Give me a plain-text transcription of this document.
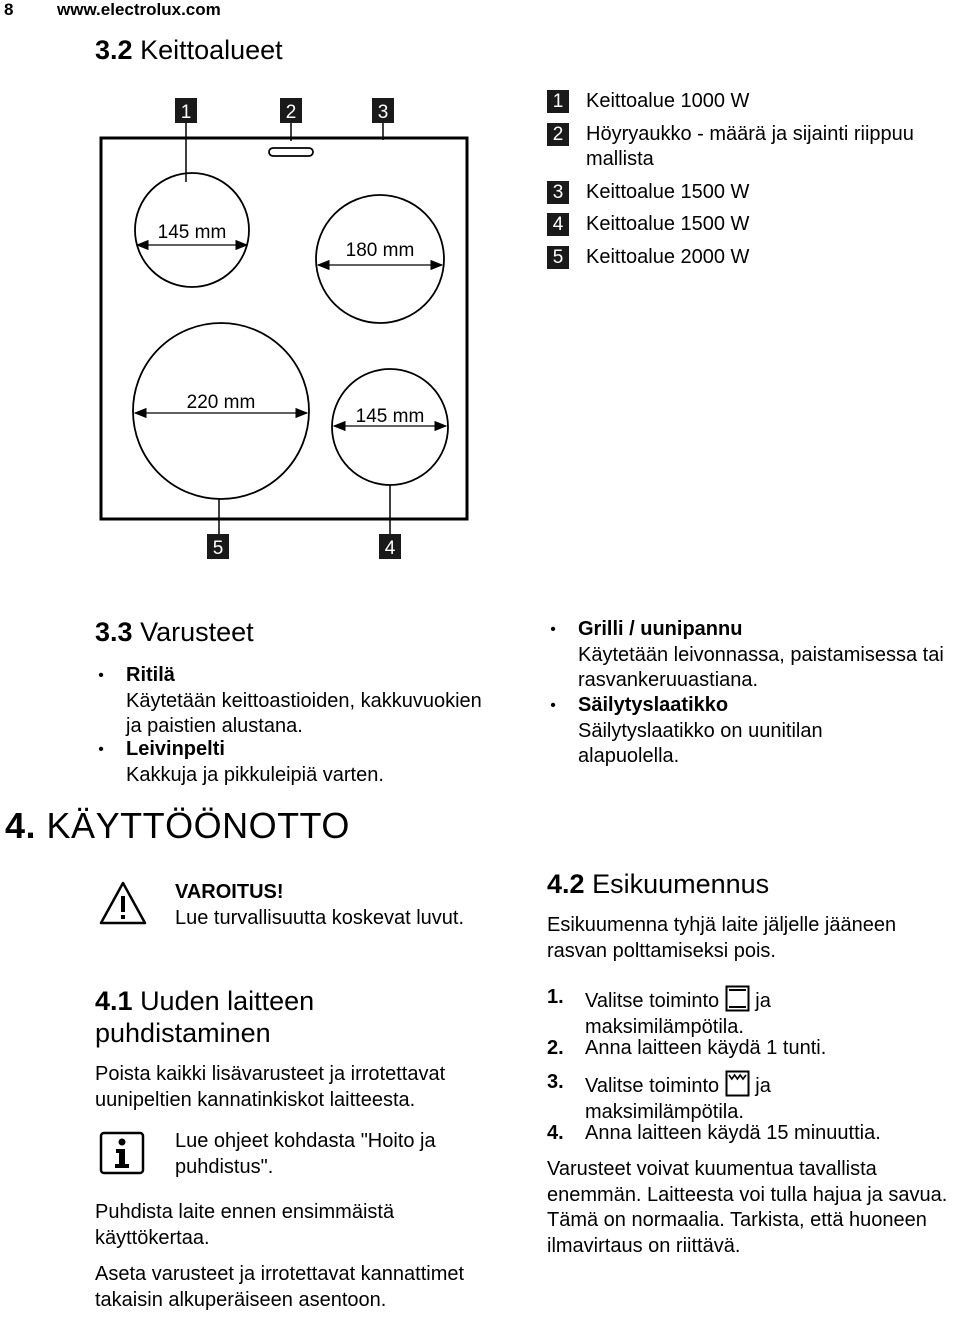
8	www.electrolux.com
3.2 Keittoalueet
1	2	3
145 mm
180 mm
220 mm
145 mm
5	4
1 Keittoalue 1000 W
2 Höyryaukko - määrä ja sijainti riippuu mallista
3 Keittoalue 1500 W
4 Keittoalue 1500 W
5 Keittoalue 2000 W
3.3 Varusteet
• Ritilä
Käytetään keittoastioiden, kakkuvuokien ja paistien alustana.
• Leivinpelti
Kakkuja ja pikkuleipiä varten.
• Grilli / uunipannu
Käytetään leivonnassa, paistamisessa tai rasvankeruuastiana.
• Säilytyslaatikko
Säilytyslaatikko on uunitilan alapuolella.
4. KÄYTTÖÖNOTTO
VAROITUS!
Lue turvallisuutta koskevat luvut.
4.1 Uuden laitteen
puhdistaminen
Poista kaikki lisävarusteet ja irrotettavat uunipeltien kannatinkiskot laitteesta.
Lue ohjeet kohdasta "Hoito ja puhdistus".
Puhdista laite ennen ensimmäistä käyttökertaa.
Aseta varusteet ja irrotettavat kannattimet takaisin alkuperäiseen asentoon.
4.2 Esikuumennus
Esikuumenna tyhjä laite jäljelle jääneen rasvan polttamiseksi pois.
1. Valitse toiminto ja
maksimilämpötila.
2. Anna laitteen käydä 1 tunti.
3. Valitse toiminto ja
maksimilämpötila.
4. Anna laitteen käydä 15 minuuttia.
Varusteet voivat kuumentua tavallista enemmän. Laitteesta voi tulla hajua ja savua. Tämä on normaalia. Tarkista, että huoneen ilmavirtaus on riittävä.
